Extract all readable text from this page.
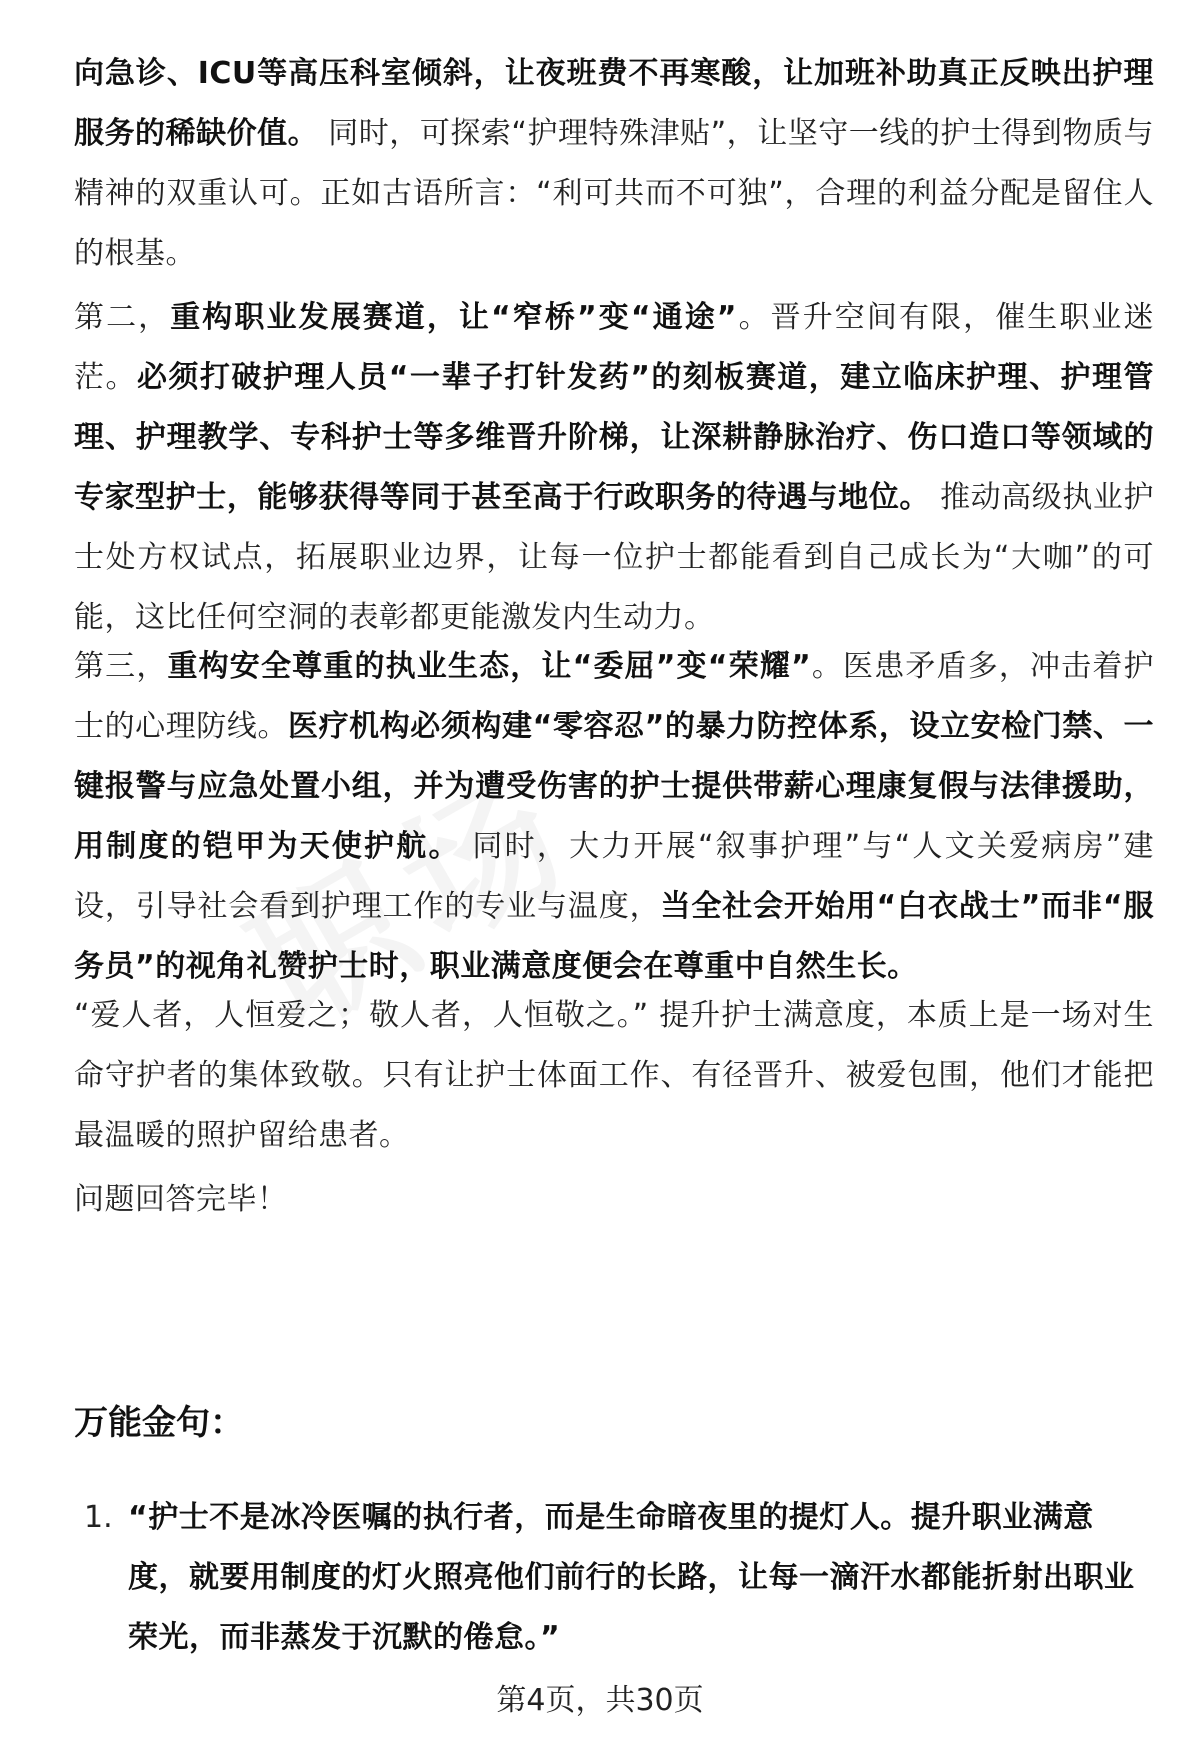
向急诊、ICU等高压科室倾斜，让夜班费不再寒酸，让加班补助真正反映出护理服务的稀缺价值。 同时，可探索“护理特殊津贴”，让坚守一线的护士得到物质与精神的双重认可。正如古语所言：“利可共而不可独”，合理的利益分配是留住人的根基。

第二，重构职业发展赛道，让“窄桥”变“通途”。晋升空间有限，催生职业迷茫。必须打破护理人员“一辈子打针发药”的刻板赛道，建立临床护理、护理管理、护理教学、专科护士等多维晋升阶梯，让深耕静脉治疗、伤口造口等领域的专家型护士，能够获得等同于甚至高于行政职务的待遇与地位。 推动高级执业护士处方权试点，拓展职业边界，让每一位护士都能看到自己成长为“大咖”的可能，这比任何空洞的表彰都更能激发内生动力。

第三，重构安全尊重的执业生态，让“委屈”变“荣耀”。医患矛盾多，冲击着护士的心理防线。医疗机构必须构建“零容忍”的暴力防控体系，设立安检门禁、一键报警与应急处置小组，并为遭受伤害的护士提供带薪心理康复假与法律援助，用制度的铠甲为天使护航。 同时，大力开展“叙事护理”与“人文关爱病房”建设，引导社会看到护理工作的专业与温度，当全社会开始用“白衣战士”而非“服务员”的视角礼赞护士时，职业满意度便会在尊重中自然生长。

“爱人者，人恒爱之；敬人者，人恒敬之。” 提升护士满意度，本质上是一场对生命守护者的集体致敬。只有让护士体面工作、有径晋升、被爱包围，他们才能把最温暖的照护留给患者。

问题回答完毕！

万能金句：
1. “护士不是冰冷医嘱的执行者，而是生命暗夜里的提灯人。提升职业满意度，就要用制度的灯火照亮他们前行的长路，让每一滴汗水都能折射出职业荣光，而非蒸发于沉默的倦怠。”

第4页，共30页
